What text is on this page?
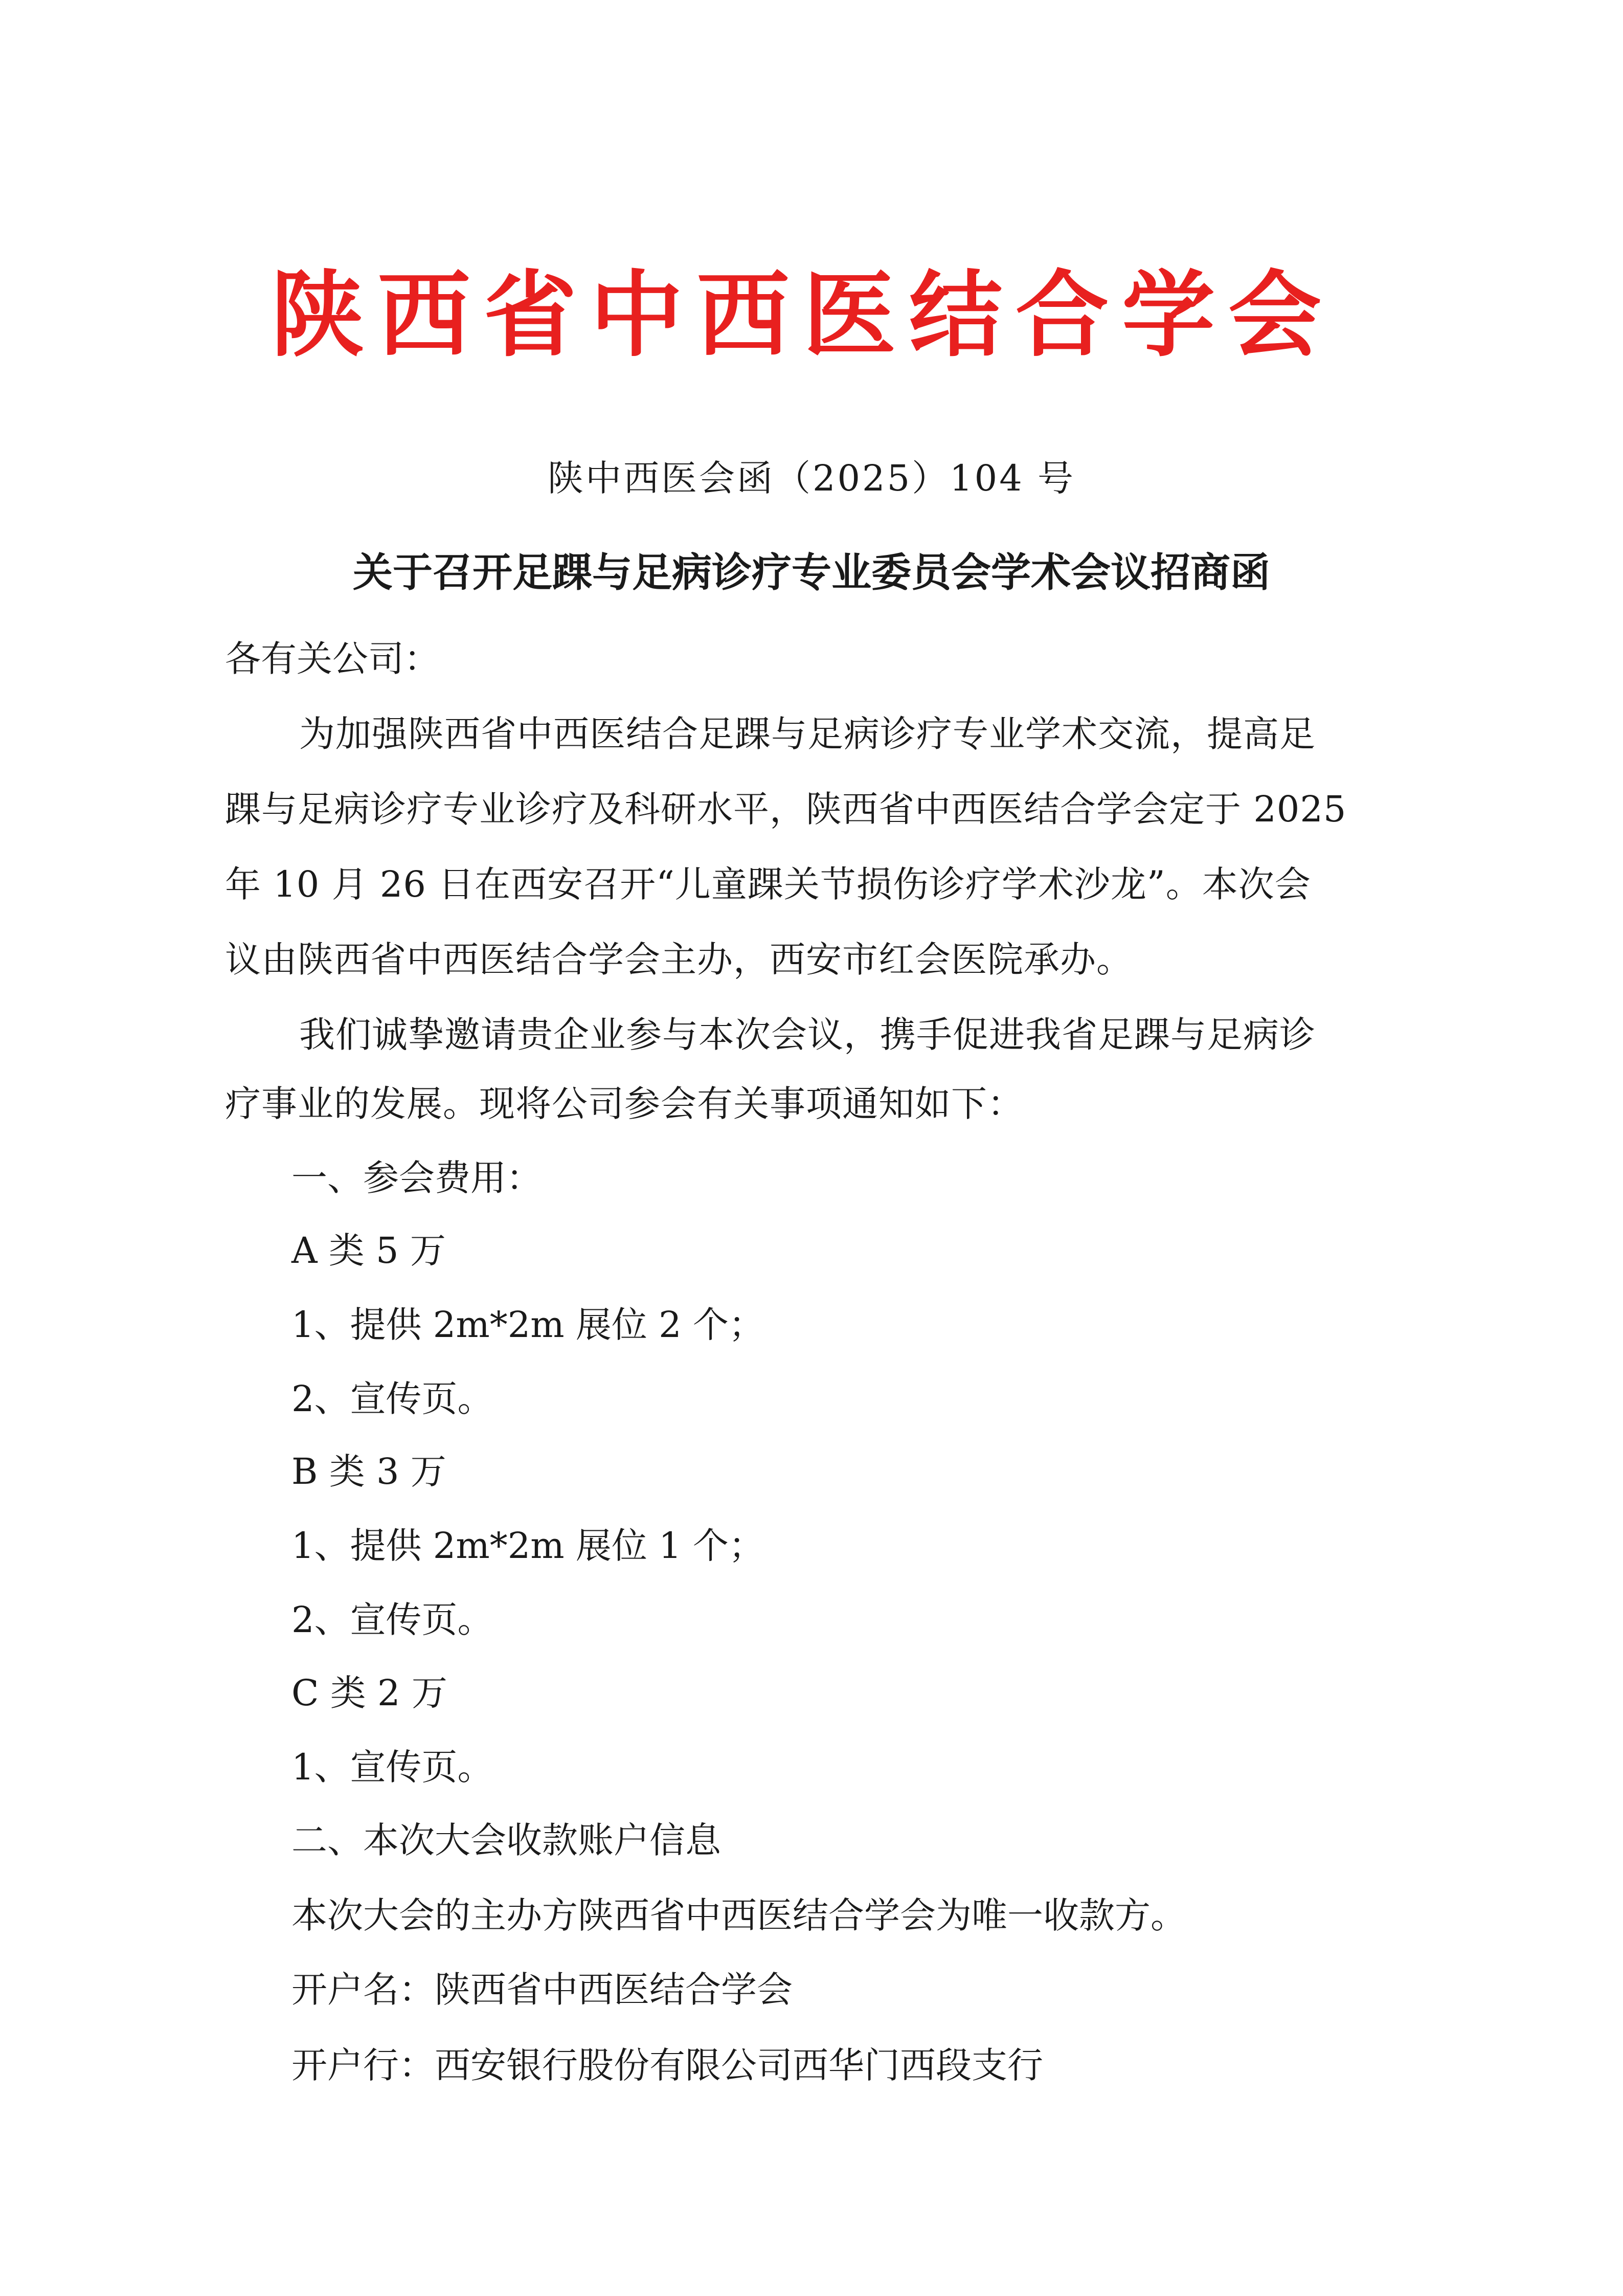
陕西省中西医结合学会
陕中西医会函（2025）104 号
关于召开足踝与足病诊疗专业委员会学术会议招商函
各有关公司：
为加强陕西省中西医结合足踝与足病诊疗专业学术交流，提高足
踝与足病诊疗专业诊疗及科研水平，陕西省中西医结合学会定于 2025
年 10 月 26 日在西安召开“儿童踝关节损伤诊疗学术沙龙”。本次会
议由陕西省中西医结合学会主办，西安市红会医院承办。
我们诚挚邀请贵企业参与本次会议，携手促进我省足踝与足病诊
疗事业的发展。现将公司参会有关事项通知如下：
一、参会费用：
A 类 5 万
1、提供 2m*2m 展位 2 个；
2、宣传页。
B 类 3 万
1、提供 2m*2m 展位 1 个；
2、宣传页。
C 类 2 万
1、宣传页。
二、本次大会收款账户信息
本次大会的主办方陕西省中西医结合学会为唯一收款方。
开户名：陕西省中西医结合学会
开户行：西安银行股份有限公司西华门西段支行
